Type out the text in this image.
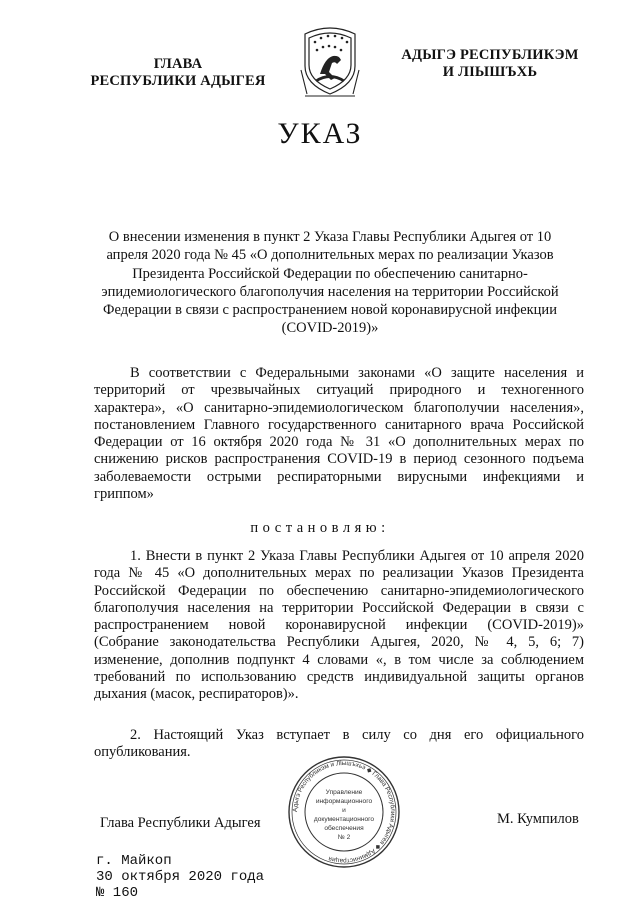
ГЛАВА
РЕСПУБЛИКИ АДЫГЕЯ
АДЫГЭ РЕСПУБЛИКЭМ
И ЛІЫШЪХЬ
УКАЗ
О внесении изменения в пункт 2 Указа Главы Республики Адыгея от 10 апреля 2020 года № 45 «О дополнительных мерах по реализации Указов Президента Российской Федерации по обеспечению санитарно-эпидемиологического благополучия населения на территории Российской Федерации в связи с распространением новой коронавирусной инфекции (COVID-2019)»
В соответствии с Федеральными законами «О защите населения и территорий от чрезвычайных ситуаций природного и техногенного характера», «О санитарно-эпидемиологическом благополучии населения», постановлением Главного государственного санитарного врача Российской Федерации от 16 октября 2020 года № 31 «О дополнительных мерах по снижению рисков распространения COVID-19 в период сезонного подъема заболеваемости острыми респираторными вирусными инфекциями и гриппом»
постановляю:
1. Внести в пункт 2 Указа Главы Республики Адыгея от 10 апреля 2020 года № 45 «О дополнительных мерах по реализации Указов Президента Российской Федерации по обеспечению санитарно-эпидемиологического благополучия населения на территории Российской Федерации в связи с распространением новой коронавирусной инфекции (COVID-2019)» (Собрание законодательства Республики Адыгея, 2020, № 4, 5, 6; 7) изменение, дополнив подпункт 4 словами «, в том числе за соблюдением требований по использованию средств индивидуальной защиты органов дыхания (масок, респираторов)».
2. Настоящий Указ вступает в силу со дня его официального опубликования.
Адыгэ Республикэм и Лlышъхьэ ◆ Глава Республики Адыгея ◆ Администрация
Управление
информационного
и
документационного
обеспечения
№ 2
Глава Республики Адыгея	М. Кумпилов
г. Майкоп
30 октября 2020 года
№ 160
